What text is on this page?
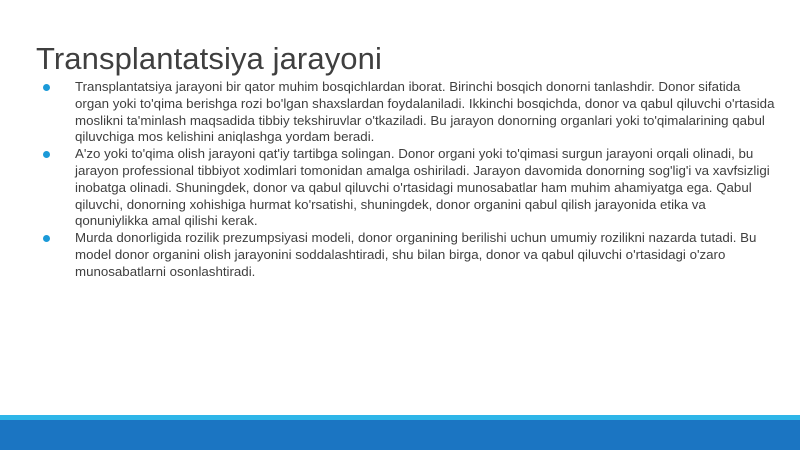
Transplantatsiya jarayoni
Transplantatsiya jarayoni bir qator muhim bosqichlardan iborat. Birinchi bosqich donorni tanlashdir. Donor sifatida organ yoki to'qima berishga rozi bo'lgan shaxslardan foydalaniladi. Ikkinchi bosqichda, donor va qabul qiluvchi o'rtasida moslikni ta'minlash maqsadida tibbiy tekshiruvlar o'tkaziladi. Bu jarayon donorning organlari yoki to'qimalarining qabul qiluvchiga mos kelishini aniqlashga yordam beradi.
A'zo yoki to'qima olish jarayoni qat'iy tartibga solingan. Donor organi yoki to'qimasi surgun jarayoni orqali olinadi, bu jarayon professional tibbiyot xodimlari tomonidan amalga oshiriladi. Jarayon davomida donorning sog'lig'i va xavfsizligi inobatga olinadi. Shuningdek, donor va qabul qiluvchi o'rtasidagi munosabatlar ham muhim ahamiyatga ega. Qabul qiluvchi, donorning xohishiga hurmat ko'rsatishi, shuningdek, donor organini qabul qilish jarayonida etika va qonuniylikka amal qilishi kerak.
Murda donorligida rozilik prezumpsiyasi modeli, donor organining berilishi uchun umumiy rozilikni nazarda tutadi. Bu model donor organini olish jarayonini soddalashtiradi, shu bilan birga, donor va qabul qiluvchi o'rtasidagi o'zaro munosabatlarni osonlashtiradi.
